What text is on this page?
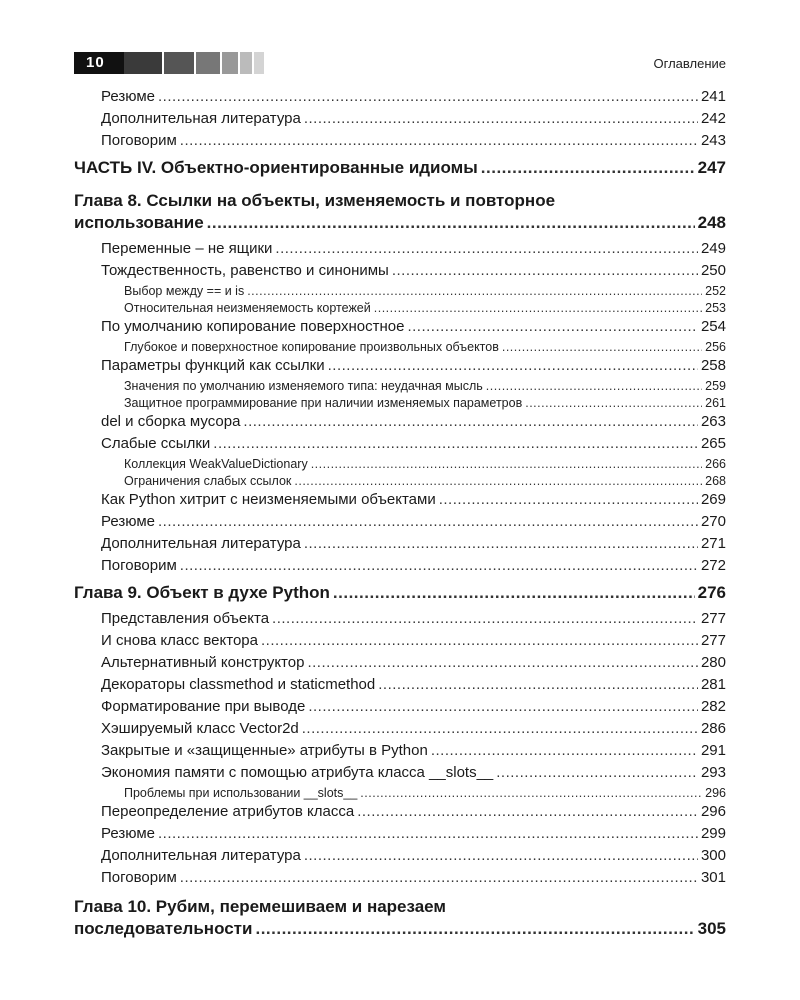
10	Оглавление
Резюме .....	241
Дополнительная литература .....	242
Поговорим .....	243
ЧАСТЬ IV. Объектно-ориентированные идиомы .....	247
Глава 8. Ссылки на объекты, изменяемость и повторное
использование .....	248
Переменные – не ящики .....	249
Тождественность, равенство и синонимы .....	250
Выбор между == и is .....	252
Относительная неизменяемость кортежей .....	253
По умолчанию копирование поверхностное .....	254
Глубокое и поверхностное копирование произвольных объектов .....	256
Параметры функций как ссылки .....	258
Значения по умолчанию изменяемого типа: неудачная мысль .....	259
Защитное программирование при наличии изменяемых параметров .....	261
del и сборка мусора .....	263
Слабые ссылки .....	265
Коллекция WeakValueDictionary .....	266
Ограничения слабых ссылок .....	268
Как Python хитрит с неизменяемыми объектами .....	269
Резюме .....	270
Дополнительная литература .....	271
Поговорим .....	272
Глава 9. Объект в духе Python .....	276
Представления объекта .....	277
И снова класс вектора .....	277
Альтернативный конструктор .....	280
Декораторы classmethod и staticmethod .....	281
Форматирование при выводе .....	282
Хэшируемый класс Vector2d .....	286
Закрытые и «защищенные» атрибуты в Python .....	291
Экономия памяти с помощью атрибута класса __slots__ .....	293
Проблемы при использовании __slots__ .....	296
Переопределение атрибутов класса .....	296
Резюме .....	299
Дополнительная литература .....	300
Поговорим .....	301
Глава 10. Рубим, перемешиваем и нарезаем
последовательности .....	305
